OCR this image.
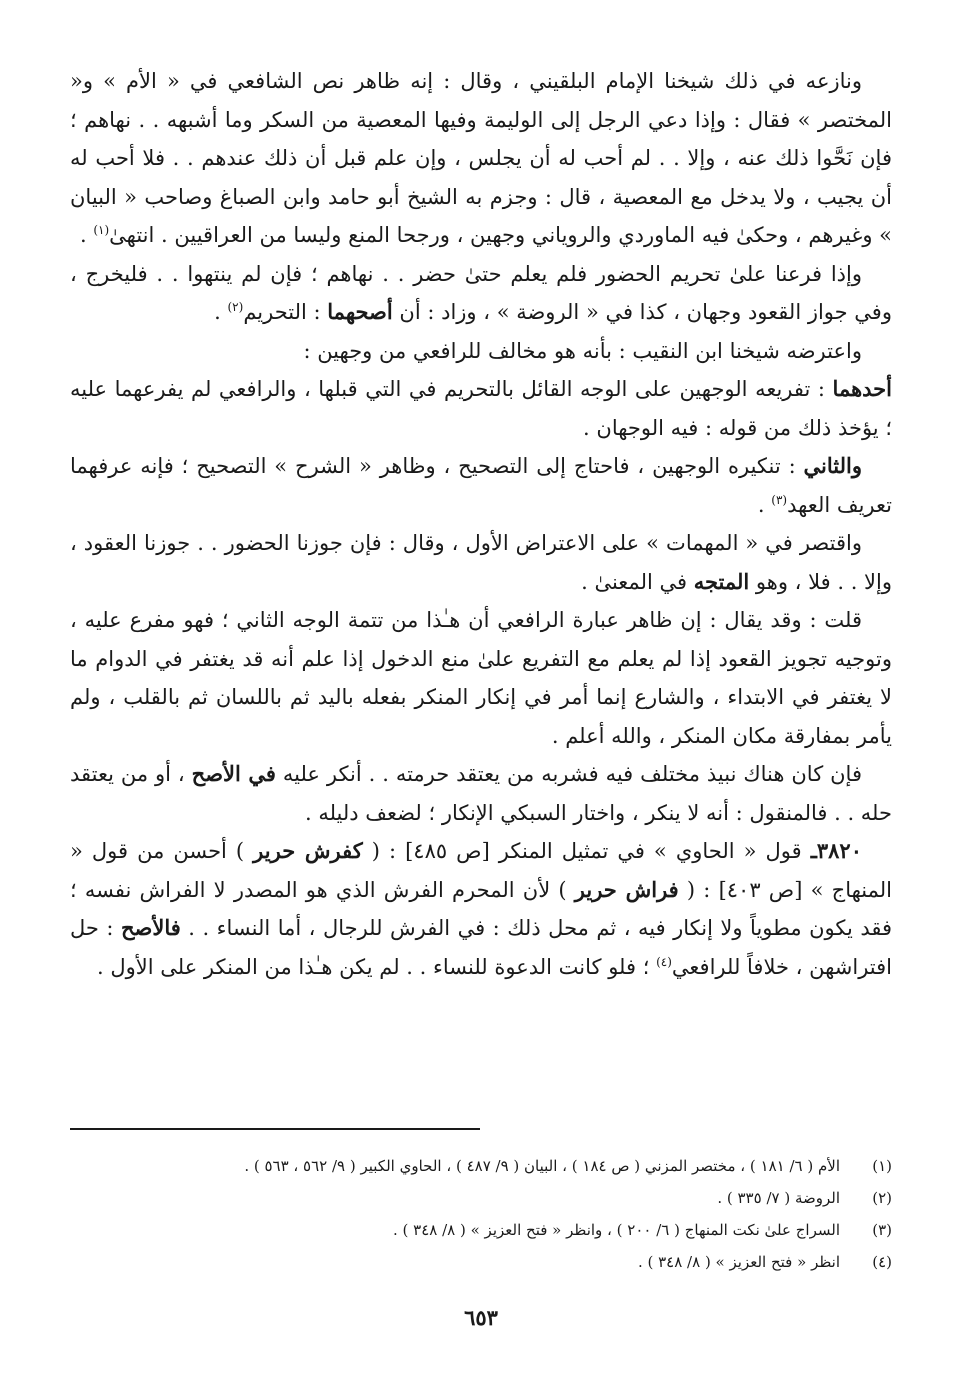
ونازعه في ذلك شيخنا الإمام البلقيني ، وقال : إنه ظاهر نص الشافعي في « الأم » و« المختصر » فقال : وإذا دعي الرجل إلى الوليمة وفيها المعصية من السكر وما أشبهه . . نهاهم ؛ فإن نَحَّوا ذلك عنه ، وإلا . . لم أحب له أن يجلس ، وإن علم قبل أن ذلك عندهم . . فلا أحب له أن يجيب ، ولا يدخل مع المعصية ، قال : وجزم به الشيخ أبو حامد وابن الصباغ وصاحب « البيان » وغيرهم ، وحكىٰ فيه الماوردي والروياني وجهين ، ورجحا المنع وليسا من العراقيين . انتهىٰ$^{(١)}$ .

وإذا فرعنا علىٰ تحريم الحضور فلم يعلم حتىٰ حضر . . نهاهم ؛ فإن لم ينتهوا . . فليخرج ، وفي جواز القعود وجهان ، كذا في « الروضة » ، وزاد : أن أصحهما : التحريم$^{(٢)}$ .

واعترضه شيخنا ابن النقيب : بأنه هو مخالف للرافعي من وجهين :

أحدهما : تفريعه الوجهين على الوجه القائل بالتحريم في التي قبلها ، والرافعي لم يفرعهما عليه ؛ يؤخذ ذلك من قوله : فيه الوجهان .

والثاني : تنكيره الوجهين ، فاحتاج إلى التصحيح ، وظاهر « الشرح » التصحيح ؛ فإنه عرفهما تعريف العهد$^{(٣)}$ .

واقتصر في « المهمات » على الاعتراض الأول ، وقال : فإن جوزنا الحضور . . جوزنا العقود ، وإلا . . فلا ، وهو المتجه في المعنىٰ .

قلت : وقد يقال : إن ظاهر عبارة الرافعي أن هـٰذا من تتمة الوجه الثاني ؛ فهو مفرع عليه ، وتوجيه تجويز القعود إذا لم يعلم مع التفريع علىٰ منع الدخول إذا علم أنه قد يغتفر في الدوام ما لا يغتفر في الابتداء ، والشارع إنما أمر في إنكار المنكر بفعله باليد ثم باللسان ثم بالقلب ، ولم يأمر بمفارقة مكان المنكر ، والله أعلم .

فإن كان هناك نبيذ مختلف فيه فشربه من يعتقد حرمته . . أنكر عليه في الأصح ، أو من يعتقد حله . . فالمنقول : أنه لا ينكر ، واختار السبكي الإنكار ؛ لضعف دليله .

٣٨٢٠ـ قول « الحاوي » في تمثيل المنكر [ص ٤٨٥] : ( كفرش حرير ) أحسن من قول « المنهاج » [ص ٤٠٣] : ( فراش حرير ) لأن المحرم الفرش الذي هو المصدر لا الفراش نفسه ؛ فقد يكون مطوياً ولا إنكار فيه ، ثم محل ذلك : في الفرش للرجال ، أما النساء . . فالأصح : حل افتراشهن ، خلافاً للرافعي$^{(٤)}$ ؛ فلو كانت الدعوة للنساء . . لم يكن هـٰذا من المنكر على الأول .

(١)
الأم ( ٦/ ١٨١ ) ، مختصر المزني ( ص ١٨٤ ) ، البيان ( ٩/ ٤٨٧ ) ، الحاوي الكبير ( ٩/ ٥٦٢ ، ٥٦٣ ) .
(٢)
الروضة ( ٧/ ٣٣٥ ) .
(٣)
السراج علىٰ نكت المنهاج ( ٦/ ٢٠٠ ) ، وانظر « فتح العزيز » ( ٨/ ٣٤٨ ) .
(٤)
انظر « فتح العزيز » ( ٨/ ٣٤٨ ) .
٦٥٣
